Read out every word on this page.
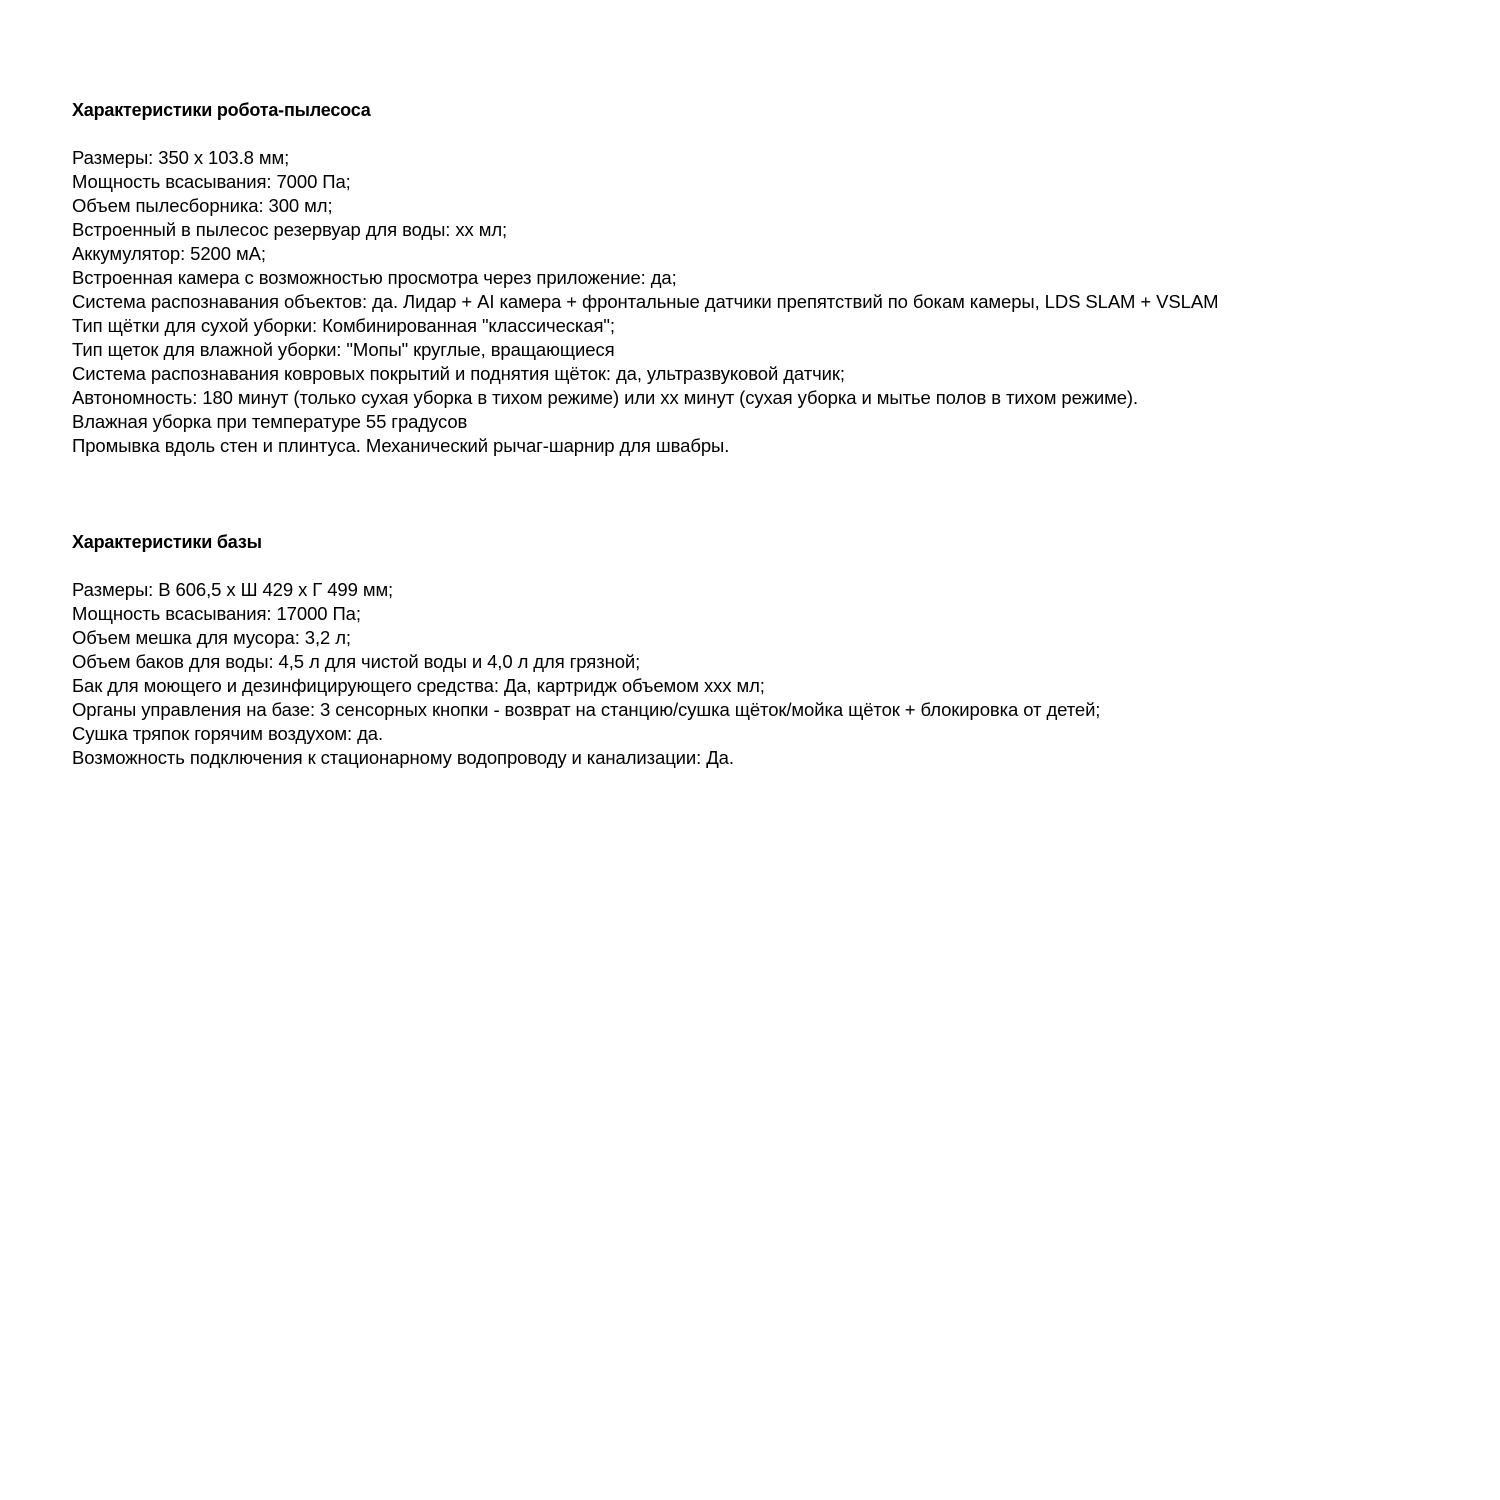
Характеристики робота-пылесоса
Размеры: 350 х 103.8 мм;
Мощность всасывания: 7000 Па;
Объем пылесборника: 300 мл;
Встроенный в пылесос резервуар для воды: хх мл;
Аккумулятор: 5200 мА;
Встроенная камера с возможностью просмотра через приложение: да;
Система распознавания объектов: да. Лидар + AI камера + фронтальные датчики препятствий по бокам камеры, LDS SLAM + VSLAM
Тип щётки для сухой уборки: Комбинированная "классическая";
Тип щеток для влажной уборки: "Мопы" круглые, вращающиеся
Система распознавания ковровых покрытий и поднятия щёток: да, ультразвуковой датчик;
Автономность: 180 минут (только сухая уборка в тихом режиме) или хх минут (сухая уборка и мытье полов в тихом режиме).
Влажная уборка при температуре 55 градусов
Промывка вдоль стен и плинтуса. Механический рычаг-шарнир для швабры.
Характеристики базы
Размеры: В 606,5 х Ш 429 х Г 499 мм;
Мощность всасывания: 17000 Па;
Объем мешка для мусора: 3,2 л;
Объем баков для воды: 4,5 л для чистой воды и 4,0 л для грязной;
Бак для моющего и дезинфицирующего средства: Да, картридж объемом ххх мл;
Органы управления на базе: 3 сенсорных кнопки - возврат на станцию/сушка щёток/мойка щёток + блокировка от детей;
Сушка тряпок горячим воздухом: да.
Возможность подключения к стационарному водопроводу и канализации: Да.
